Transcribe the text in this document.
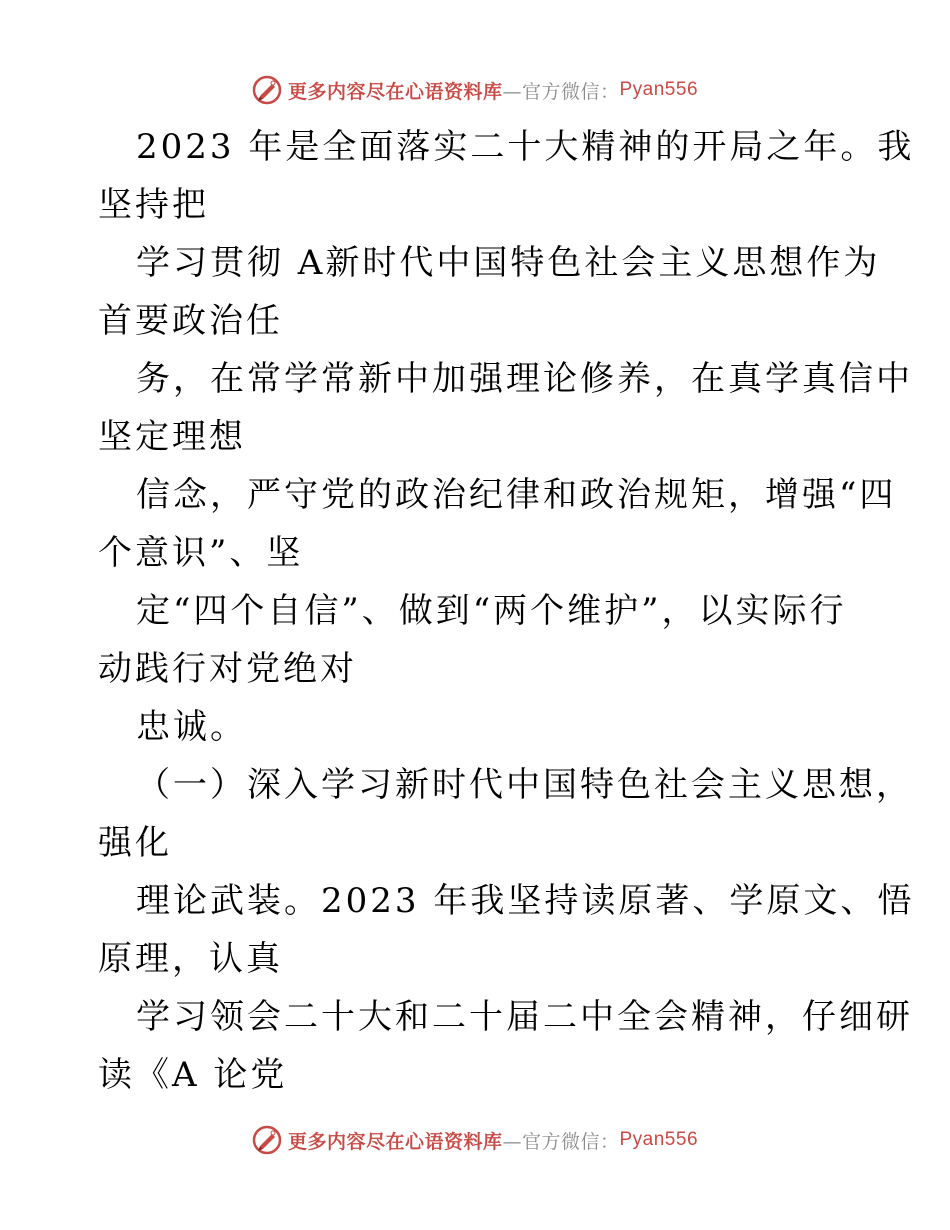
更多内容尽在心语资料库 —官方微信： Pyan556
2023 年是全面落实二十大精神的开局之年。我
坚持把
学习贯彻 A新时代中国特色社会主义思想作为
首要政治任
务，在常学常新中加强理论修养，在真学真信中
坚定理想
信念，严守党的政治纪律和政治规矩，增强“四
个意识”、坚
定“四个自信”、做到“两个维护”，以实际行
动践行对党绝对
忠诚。
（一）深入学习新时代中国特色社会主义思想，
强化
理论武装。2023 年我坚持读原著、学原文、悟
原理，认真
学习领会二十大和二十届二中全会精神，仔细研
读《A 论党
更多内容尽在心语资料库 —官方微信： Pyan556
